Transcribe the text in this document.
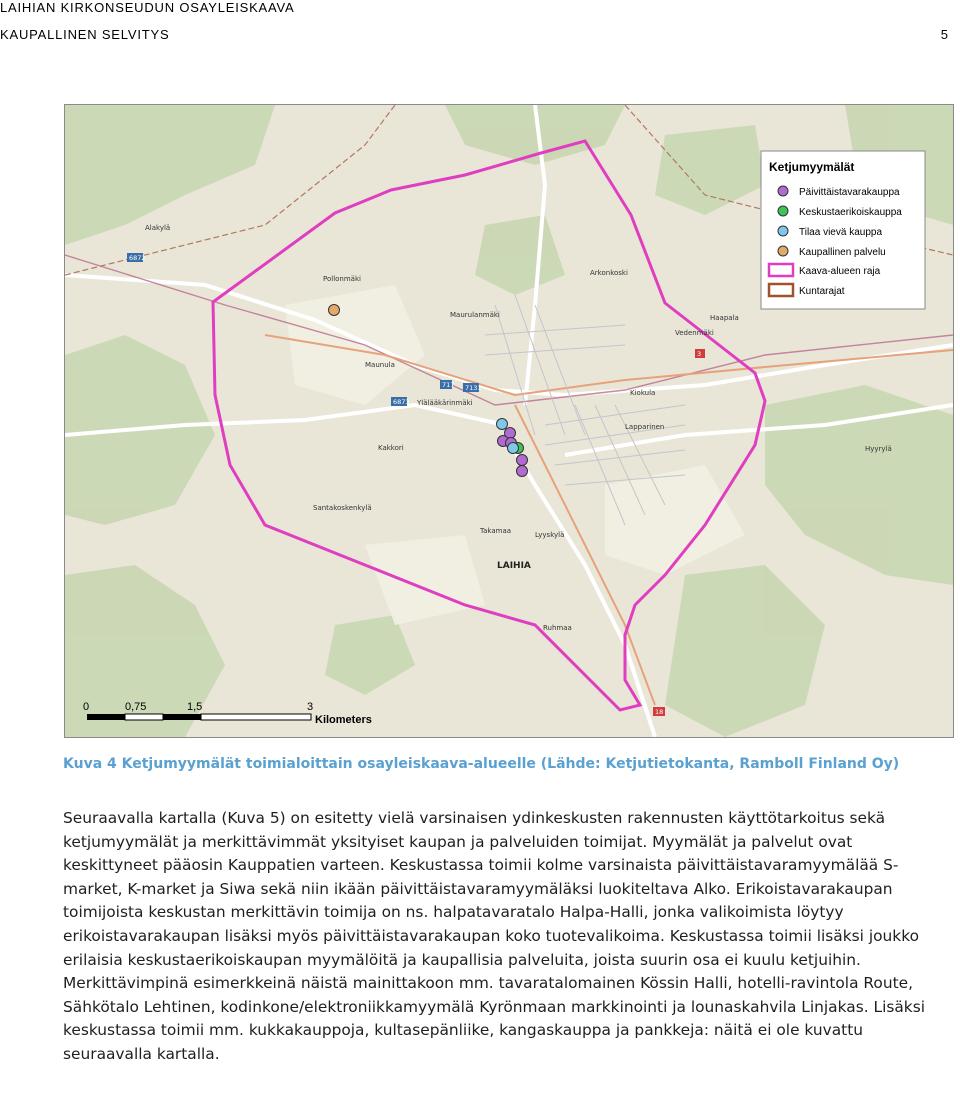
LAIHIAN KIRKONSEUDUN OSAYLEISKAAVA
KAUPALLINEN SELVITYS	5
Alakylä
Pollonmäki
Maurulanmäki
Arkonkoski
Vedenmäki
Ylälääkärinmäki
Santakoskenkylä
Takamaa	Lyyskylä
Ruhmaa
Haapala
Hyyrylä
Lapparinen
Kiokula
Kakkori
Maunula
LAIHIA
6872
717
6873
7131
3
18
Ketjumyymälät
Päivittäistavarakauppa
Keskustaerikoiskauppa
Tilaa vievä kauppa
Kaupallinen palvelu
Kaava-alueen raja
Kuntarajat
0	0,75	1,5	3
Kilometers
Kuva 4 Ketjumyymälät toimialoittain osayleiskaava-alueelle (Lähde: Ketjutietokanta, Ramboll Finland Oy)

Seuraavalla kartalla (Kuva 5) on esitetty vielä varsinaisen ydinkeskusten rakennusten käyttötarkoitus sekä ketjumyymälät ja merkittävimmät yksityiset kaupan ja palveluiden toimijat. Myymälät ja palvelut ovat keskittyneet pääosin Kauppatien varteen. Keskustassa toimii kolme varsinaista päivittäistavaramyymälää S-market, K-market ja Siwa sekä niin ikään päivittäistavaramyymäläksi luokiteltava Alko. Erikoistavarakaupan toimijoista keskustan merkittävin toimija on ns. halpatavaratalo Halpa-Halli, jonka valikoimista löytyy erikoistavarakaupan lisäksi myös päivittäistavarakaupan koko tuotevalikoima. Keskustassa toimii lisäksi joukko erilaisia keskustaerikoiskaupan myymälöitä ja kaupallisia palveluita, joista suurin osa ei kuulu ketjuihin. Merkittävimpinä esimerkkeinä näistä mainittakoon mm. tavaratalomainen Kössin Halli, hotelli-ravintola Route, Sähkötalo Lehtinen, kodinkone/elektroniikkamyymälä Kyrönmaan markkinointi ja lounaskahvila Linjakas. Lisäksi keskustassa toimii mm. kukkakauppoja, kultasepänliike, kangaskauppa ja pankkeja: näitä ei ole kuvattu seuraavalla kartalla.
